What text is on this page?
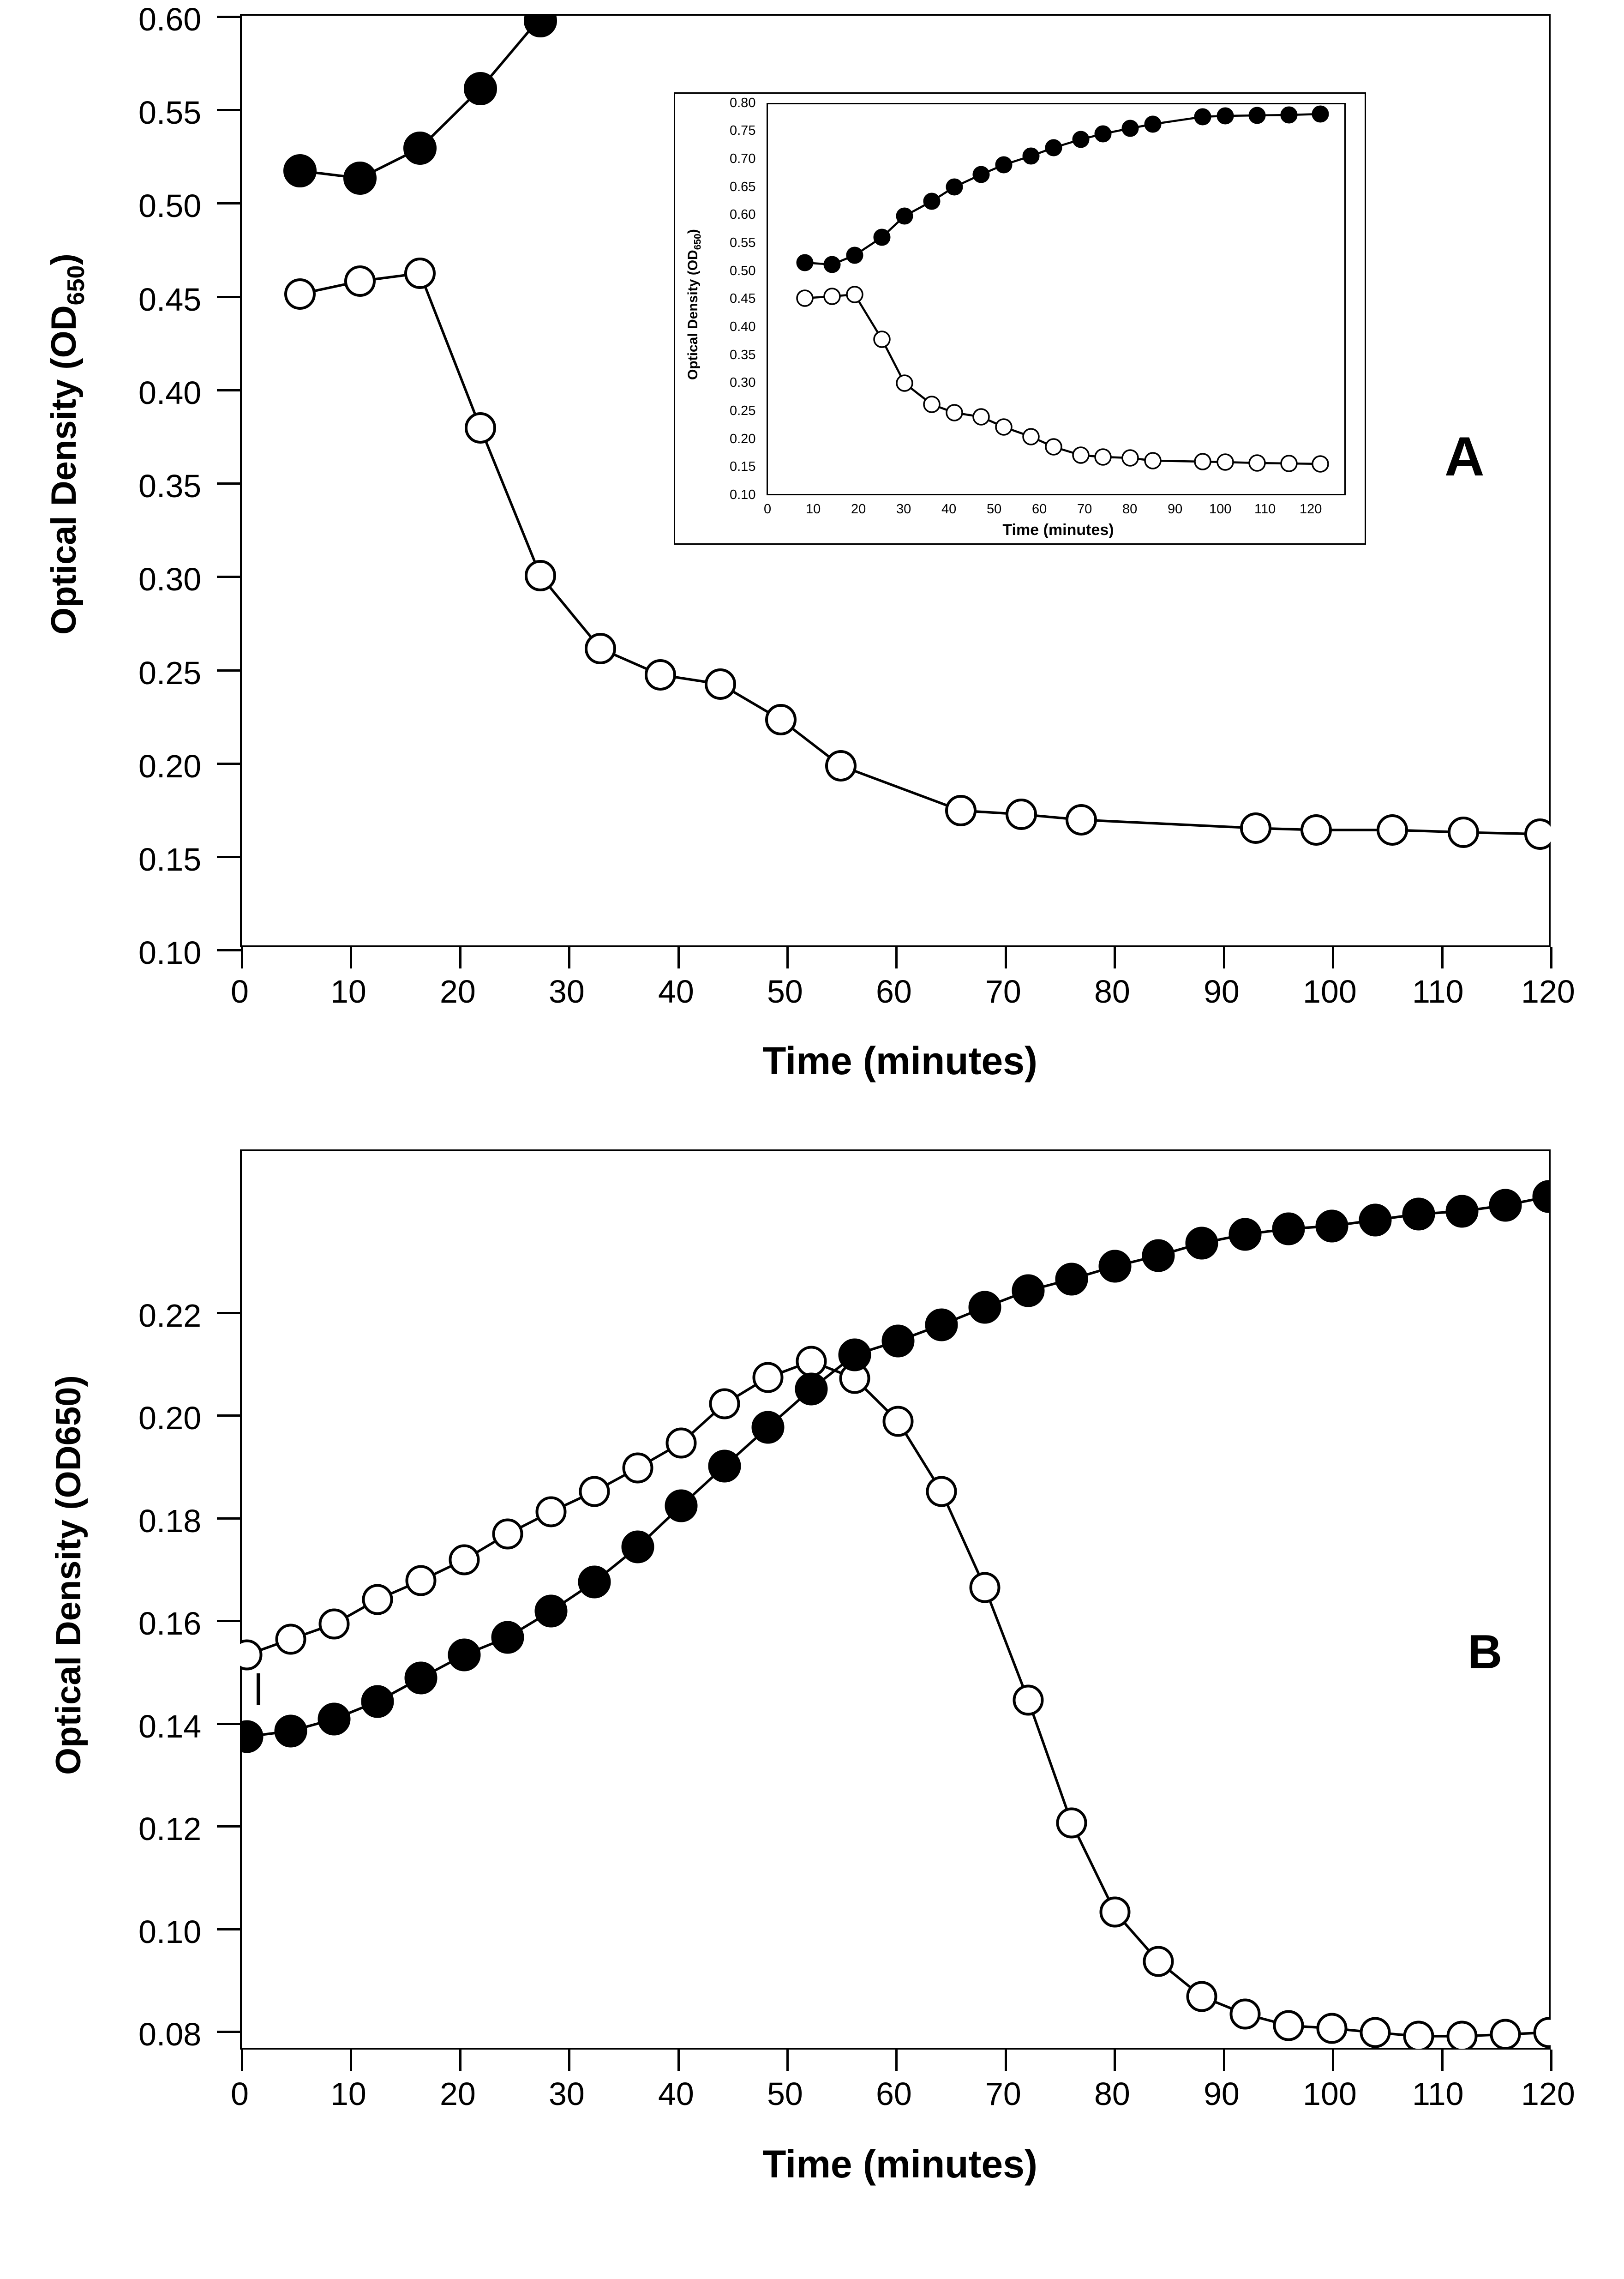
Optical Density $(OD_{650})$
0.60
0.55
0.50
0.45
0.40
0.35
0.30
0.25
0.20
0.15
0.10
0	10 20 30 40 50 60 70 80 90 100 110 120
A
Optical Density $(OD_{650})$
0.80
0.75
0.70
0.65
0.60
0.55
0.50
0.45
0.40
0.35
0.30
0.25
0.20
0.15
0.10
0	10 20 30 40 50 60 70 80 90 100 110 120
Time (minutes)
Time (minutes)
Optical Density (OD650)
0.22
0.20
0.18
0.16
0.14
0.12
0.10
0.08
0	10 20 30 40 50 60 70 80 90 100 110 120
B
Time (minutes)
